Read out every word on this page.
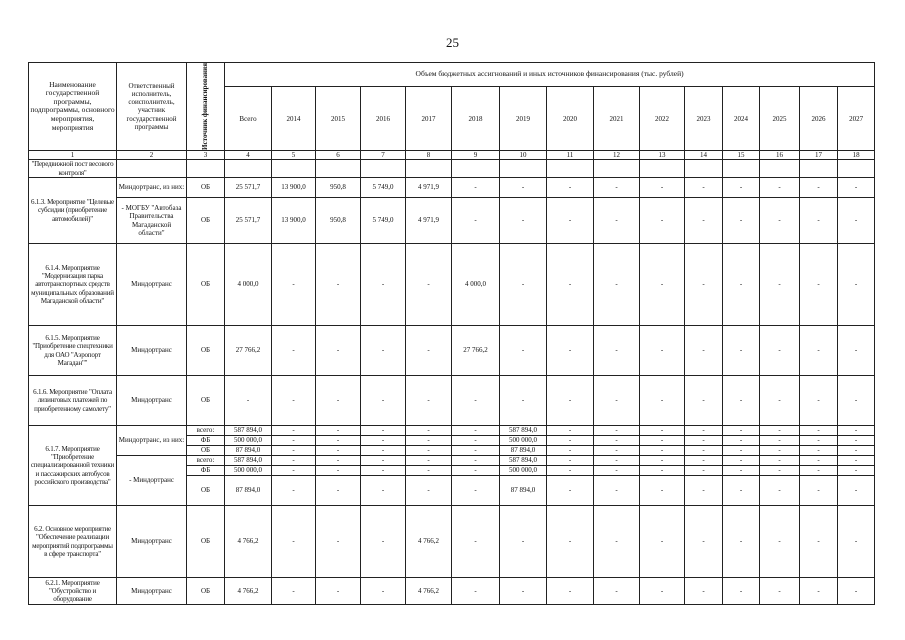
25
Наименование государственной программы, подпрограммы, основного мероприятия, мероприятия	Ответственный исполнитель, соисполнитель, участник государственной программы	Источник финансирования	Объем бюджетных ассигнований и иных источников финансирования (тыс. рублей)														
			Всего	2014	2015	2016	2017	2018	2019	2020	2021	2022	2023	2024	2025	2026	2027
1	2	3	4	5	6	7	8	9	10	11	12	13	14	15	16	17	18
"Передвижной пост весового контроля"																	
6.1.3. Мероприятие "Целевые субсидии (приобретение автомобилей)"	Миндортранс, из них:	ОБ	25 571,7	13 900,0	950,8	5 749,0	4 971,9	-	-	-	-	-	-	-	-	-	-
	- МОГБУ "Автобаза Правительства Магаданской области"	ОБ	25 571,7	13 900,0	950,8	5 749,0	4 971,9	-	-	-	-	-	-	-	-	-	-
6.1.4. Мероприятие "Модернизация парка автотранспортных средств муниципальных образований Магаданской области"	Миндортранс	ОБ	4 000,0	-	-	-	-	4 000,0	-	-	-	-	-	-	-	-	-
6.1.5. Мероприятие "Приобретение спецтехники для ОАО "Аэропорт Магадан""	Миндортранс	ОБ	27 766,2	-	-	-	-	27 766,2	-	-	-	-	-	-	-	-	-
6.1.6. Мероприятие "Оплата лизинговых платежей по приобретенному самолету"	Миндортранс	ОБ	-	-	-	-	-	-	-	-	-	-	-	-	-	-	-
6.1.7. Мероприятие "Приобретение специализированной техники и пассажирских автобусов российского производства"	Миндортранс, из них:	всего:	587 894,0	-	-	-	-	-	587 894,0	-	-	-	-	-	-	-	-
		ФБ	500 000,0	-	-	-	-	-	500 000,0	-	-	-	-	-	-	-	-
		ОБ	87 894,0	-	-	-	-	-	87 894,0	-	-	-	-	-	-	-	-
	- Миндортранс	всего:	587 894,0	-	-	-	-	-	587 894,0	-	-	-	-	-	-	-	-
		ФБ	500 000,0	-	-	-	-	-	500 000,0	-	-	-	-	-	-	-	-
		ОБ	87 894,0	-	-	-	-	-	87 894,0	-	-	-	-	-	-	-	-
6.2. Основное мероприятие "Обеспечение реализации мероприятий подпрограммы в сфере транспорта"	Миндортранс	ОБ	4 766,2	-	-	-	4 766,2	-	-	-	-	-	-	-	-	-	-
6.2.1. Мероприятие "Обустройство и оборудование	Миндортранс	ОБ	4 766,2	-	-	-	4 766,2	-	-	-	-	-	-	-	-	-	-
